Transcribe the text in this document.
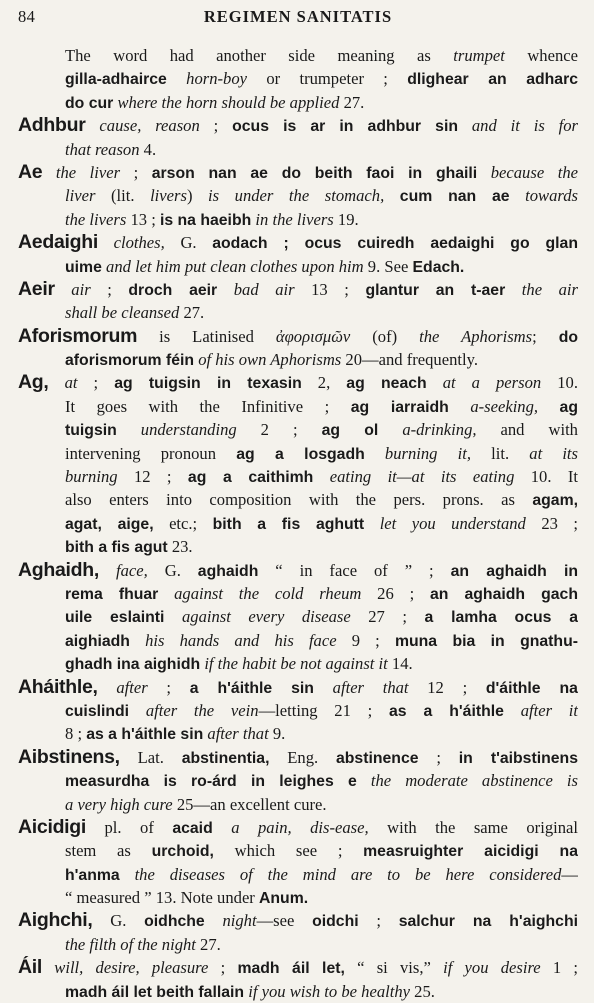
84	REGIMEN SANITATIS
The word had another side meaning as trumpet whence
gilla-adhairce horn-boy or trumpeter ; dlighear an adharc
do cur where the horn should be applied 27.
Adhbur cause, reason ; ocus is ar in adhbur sin and it is for
that reason 4.
Ae the liver ; arson nan ae do beith faoi in ghaili because the
liver (lit. livers) is under the stomach, cum nan ae towards
the livers 13 ; is na haeibh in the livers 19.
Aedaighi clothes, G. aodach ; ocus cuiredh aedaighi go glan
uime and let him put clean clothes upon him 9. See Edach.
Aeir air ; droch aeir bad air 13 ; glantur an t-aer the air
shall be cleansed 27.
Aforismorum is Latinised ἀφορισμῶν (of) the Aphorisms; do
aforismorum féin of his own Aphorisms 20—and frequently.
Ag, at ; ag tuigsin in texasin 2, ag neach at a person 10.
It goes with the Infinitive ; ag iarraidh a-seeking, ag
tuigsin understanding 2 ; ag ol a-drinking, and with
intervening pronoun ag a losgadh burning it, lit. at its
burning 12 ; ag a caithimh eating it—at its eating 10. It
also enters into composition with the pers. prons. as agam,
agat, aige, etc.; bith a fis aghutt let you understand 23 ;
bith a fis agut 23.
Aghaidh, face, G. aghaidh “ in face of ” ; an aghaidh in
rema fhuar against the cold rheum 26 ; an aghaidh gach
uile eslainti against every disease 27 ; a lamha ocus a
aighiadh his hands and his face 9 ; muna bia in gnathu-
ghadh ina aighidh if the habit be not against it 14.
Aháithle, after ; a h'áithle sin after that 12 ; d'áithle na
cuislindi after the vein—letting 21 ; as a h'áithle after it
8 ; as a h'áithle sin after that 9.
Aibstinens, Lat. abstinentia, Eng. abstinence ; in t'aibstinens
measurdha is ro-árd in leighes e the moderate abstinence is
a very high cure 25—an excellent cure.
Aicidigi pl. of acaid a pain, dis-ease, with the same original
stem as urchoid, which see ; measruighter aicidigi na
h'anma the diseases of the mind are to be here considered—
“ measured ” 13. Note under Anum.
Aighchi, G. oidhche night—see oidchi ; salchur na h'aighchi
the filth of the night 27.
Áil will, desire, pleasure ; madh áil let, “ si vis,” if you desire 1 ;
madh áil let beith fallain if you wish to be healthy 25.
